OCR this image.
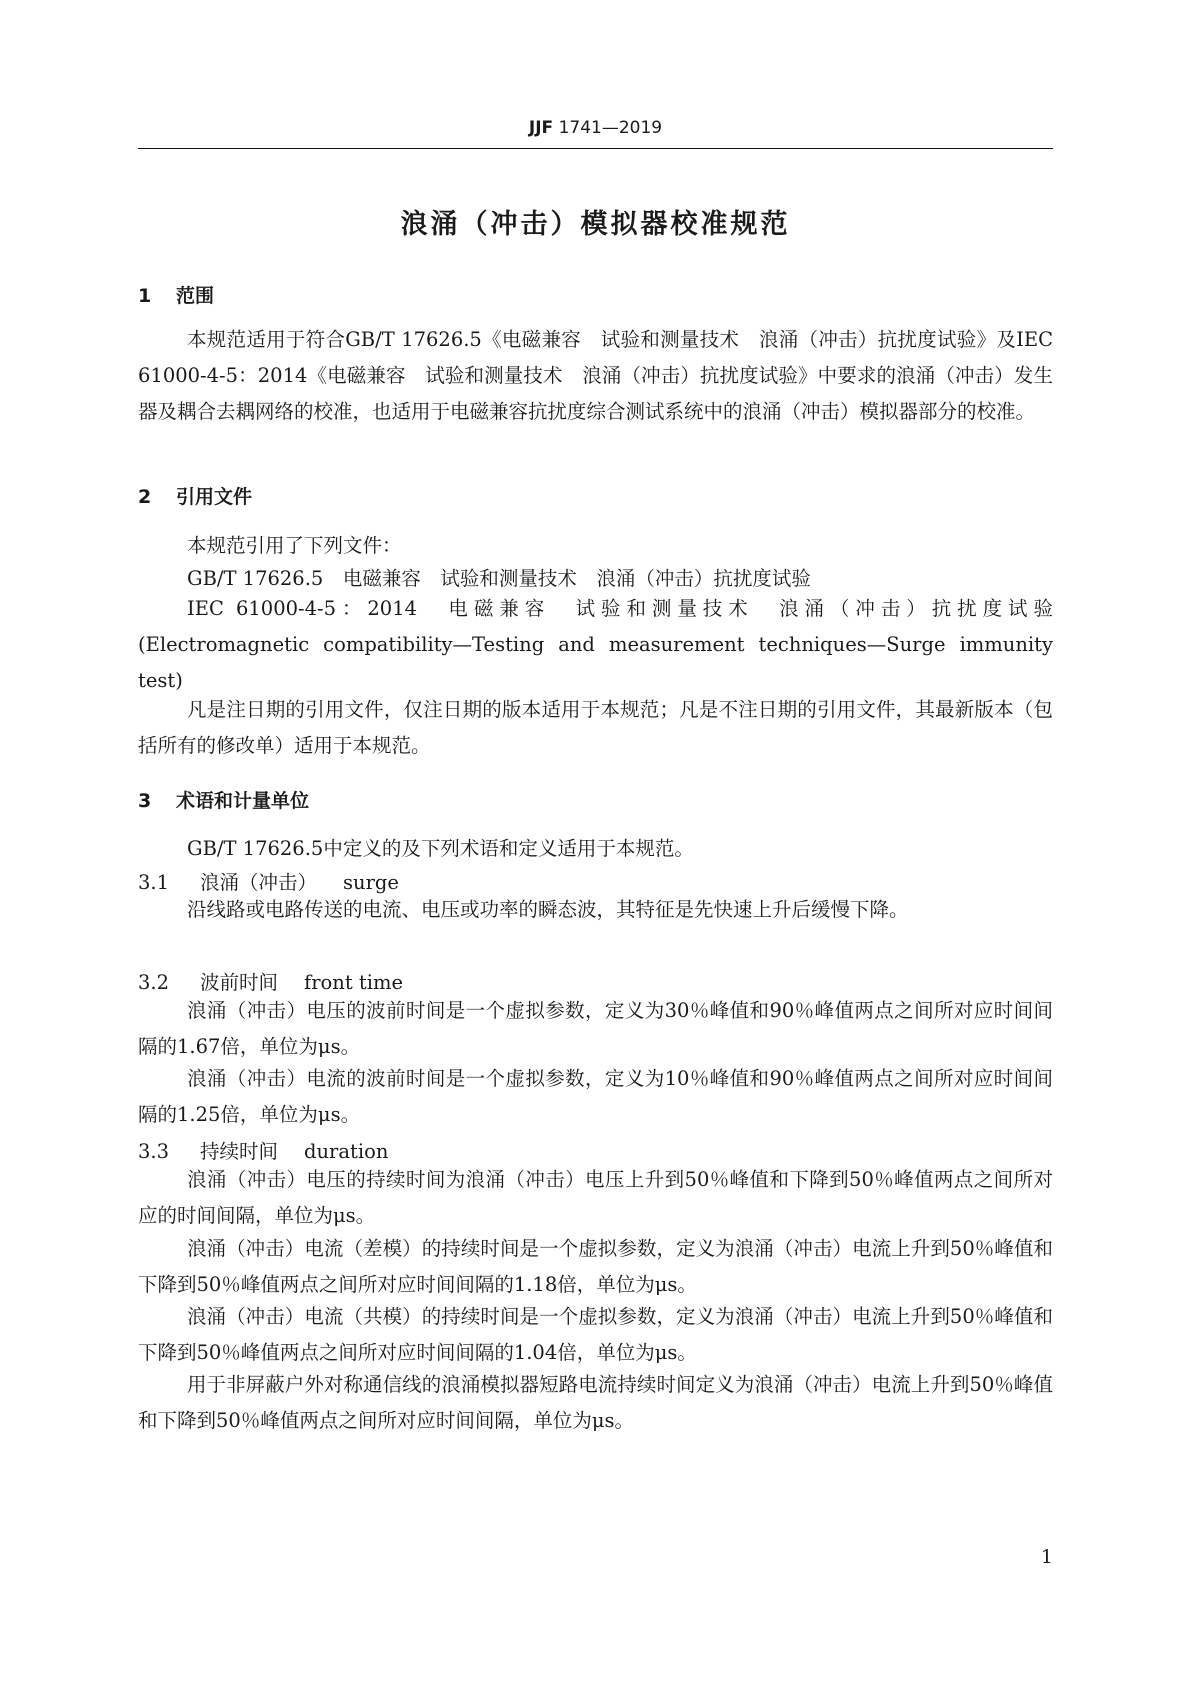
JJF 1741—2019
浪涌（冲击）模拟器校准规范
1 范围
本规范适用于符合GB/T 17626.5《电磁兼容　试验和测量技术　浪涌（冲击）抗扰度试验》及IEC 61000-4-5：2014《电磁兼容　试验和测量技术　浪涌（冲击）抗扰度试验》中要求的浪涌（冲击）发生器及耦合去耦网络的校准，也适用于电磁兼容抗扰度综合测试系统中的浪涌（冲击）模拟器部分的校准。
2 引用文件
本规范引用了下列文件：
GB/T 17626.5　电磁兼容　试验和测量技术　浪涌（冲击）抗扰度试验
IEC 61000-4-5：2014　电磁兼容　试验和测量技术　浪涌（冲击）抗扰度试验(Electromagnetic compatibility—Testing and measurement techniques—Surge immunity test)
凡是注日期的引用文件，仅注日期的版本适用于本规范；凡是不注日期的引用文件，其最新版本（包括所有的修改单）适用于本规范。
3 术语和计量单位
GB/T 17626.5中定义的及下列术语和定义适用于本规范。
3.1 浪涌（冲击） surge
沿线路或电路传送的电流、电压或功率的瞬态波，其特征是先快速上升后缓慢下降。
3.2 波前时间 front time
浪涌（冲击）电压的波前时间是一个虚拟参数，定义为30％峰值和90％峰值两点之间所对应时间间隔的1.67倍，单位为μs。
浪涌（冲击）电流的波前时间是一个虚拟参数，定义为10％峰值和90％峰值两点之间所对应时间间隔的1.25倍，单位为μs。
3.3 持续时间 duration
浪涌（冲击）电压的持续时间为浪涌（冲击）电压上升到50％峰值和下降到50％峰值两点之间所对应的时间间隔，单位为μs。
浪涌（冲击）电流（差模）的持续时间是一个虚拟参数，定义为浪涌（冲击）电流上升到50％峰值和下降到50％峰值两点之间所对应时间间隔的1.18倍，单位为μs。
浪涌（冲击）电流（共模）的持续时间是一个虚拟参数，定义为浪涌（冲击）电流上升到50％峰值和下降到50％峰值两点之间所对应时间间隔的1.04倍，单位为μs。
用于非屏蔽户外对称通信线的浪涌模拟器短路电流持续时间定义为浪涌（冲击）电流上升到50％峰值和下降到50％峰值两点之间所对应时间间隔，单位为μs。
1
